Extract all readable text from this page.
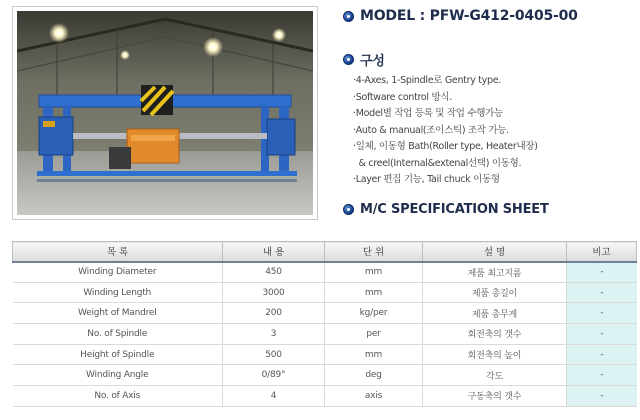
MODEL : PFW-G412-0405-00
구성
·4-Axes, 1-Spindle로 Gentry type.
·Software control 방식.
·Model별 작업 등록 및 작업 수행가능
·Auto & manual(조이스틱) 조작 가능.
·일체, 이동형 Bath(Roller type, Heater내장)
& creel(Internal&extenal선택) 이동형.
·Layer 편집 기능, Tail chuck 이동형
M/C SPECIFICATION SHEET
목 록	내 용	단 위	설 명	비고
Winding Diameter	450	mm	제품 최고지름	-
Winding Length	3000	mm	제품 총길이	-
Weight of Mandrel	200	kg/per	제품 총무게	-
No. of Spindle	3	per	회전축의 갯수	-
Height of Spindle	500	mm	회전축의 높이	-
Winding Angle	0/89°	deg	각도	-
No. of Axis	4	axis	구동축의 갯수	-
